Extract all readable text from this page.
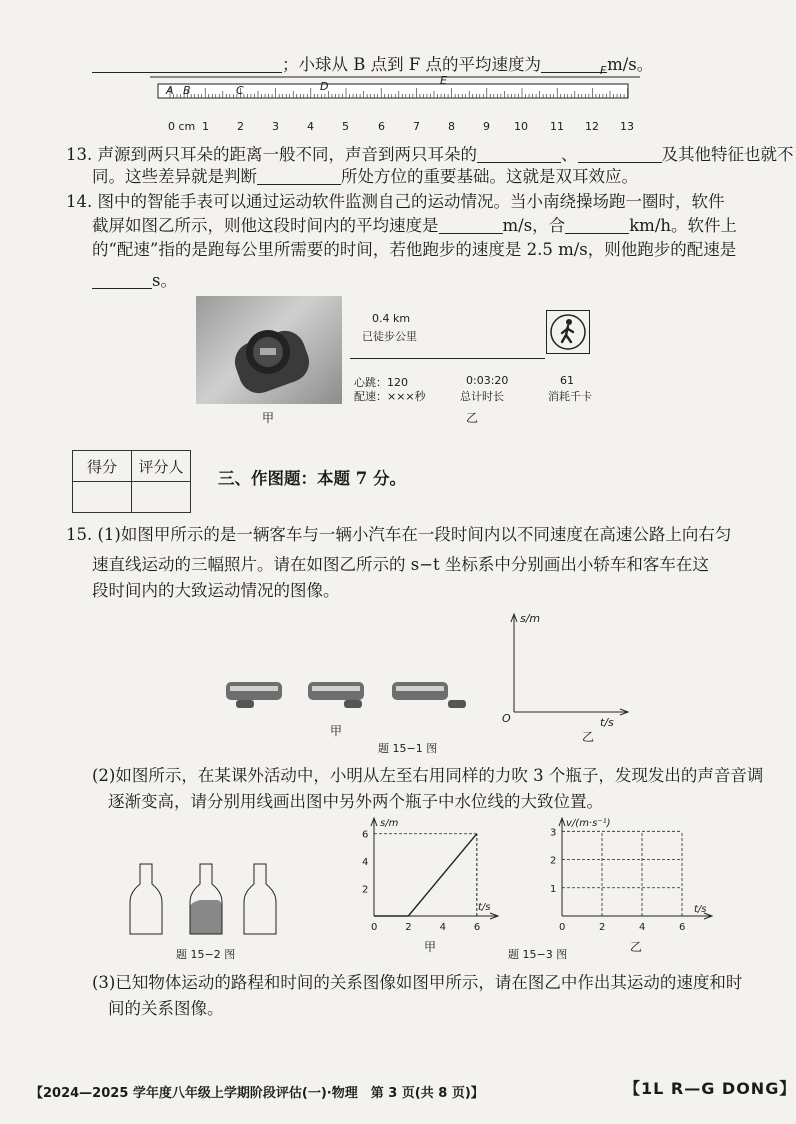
；小球从 B 点到 F 点的平均速度为	m/s。
A B	C	D	E
F
0 cm 1	2	3	4	5	6	7	8	9 10 11 12 13
13. 声源到两只耳朵的距离一般不同，声音到两只耳朵的	、	及其他特征也就不
同。这些差异就是判断	所处方位的重要基础。这就是双耳效应。
14. 图中的智能手表可以通过运动软件监测自己的运动情况。当小南绕操场跑一圈时，软件
截屏如图乙所示，则他这段时间内的平均速度是	m/s，合	km/h。软件上
的“配速”指的是跑每公里所需要的时间，若他跑步的速度是 2.5 m/s，则他跑步的配速是
s。
甲
0.4 km
已徒步公里
心跳：120
配速：×××秒
0:03:20
总计时长
61
消耗千卡
乙
得分	评分人

三、作图题：本题 7 分。
15. (1)如图甲所示的是一辆客车与一辆小汽车在一段时间内以不同速度在高速公路上向右匀
速直线运动的三幅照片。请在如图乙所示的 s−t 坐标系中分别画出小轿车和客车在这
段时间内的大致运动情况的图像。
甲
s/m
t/s
O
乙
题 15−1 图
(2)如图所示，在某课外活动中，小明从左至右用同样的力吹 3 个瓶子，发现发出的声音音调
逐渐变高，请分别用线画出图中另外两个瓶子中水位线的大致位置。
题 15−2 图
s/m
t/s
0	2	4	6
2
4
6
甲
v/(m·s⁻¹)
t/s
0	2	4	6
1
2
3
乙
题 15−3 图
(3)已知物体运动的路程和时间的关系图像如图甲所示，请在图乙中作出其运动的速度和时
间的关系图像。
【2024—2025 学年度八年级上学期阶段评估(一)·物理　第 3 页(共 8 页)】	【1L R—G DONG】
